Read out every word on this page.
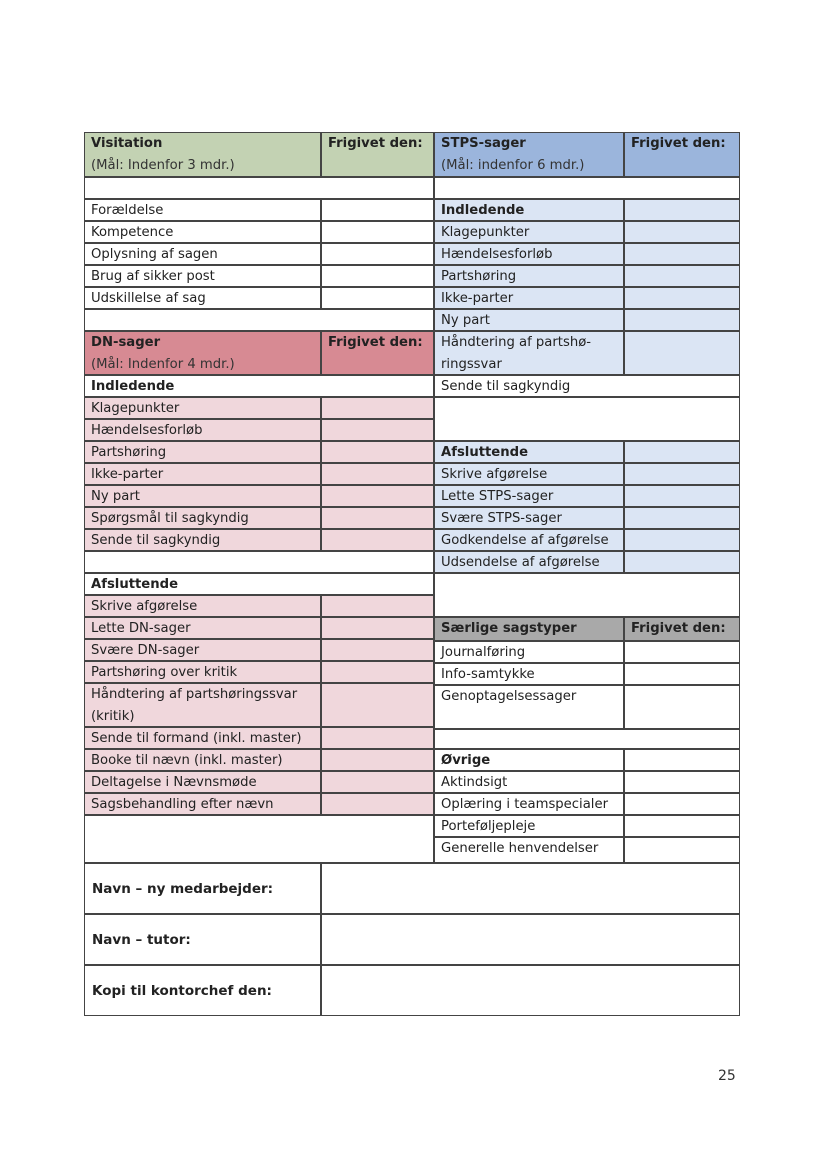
Visitation
(Mål: Indenfor 3 mdr.)
Frigivet den:
Forældelse
Kompetence
Oplysning af sagen
Brug af sikker post
Udskillelse af sag
DN-sager
(Mål: Indenfor 4 mdr.)
Frigivet den:
Indledende
Klagepunkter
Hændelsesforløb
Partshøring
Ikke-parter
Ny part
Spørgsmål til sagkyndig
Sende til sagkyndig
Afsluttende
Skrive afgørelse
Lette DN-sager
Svære DN-sager
Partshøring over kritik
Håndtering af partshøringssvar
(kritik)
Sende til formand (inkl. master)
Booke til nævn (inkl. master)
Deltagelse i Nævnsmøde
Sagsbehandling efter nævn
STPS-sager
(Mål: indenfor 6 mdr.)
Frigivet den:
Indledende
Klagepunkter
Hændelsesforløb
Partshøring
Ikke-parter
Ny part
Håndtering af partshø-
ringssvar
Sende til sagkyndig
Afsluttende
Skrive afgørelse
Lette STPS-sager
Svære STPS-sager
Godkendelse af afgørelse
Udsendelse af afgørelse
Særlige sagstyper	Frigivet den:
Journalføring
Info-samtykke
Genoptagelsessager
Øvrige
Aktindsigt
Oplæring i teamspecialer
Porteføljepleje
Generelle henvendelser
Navn – ny medarbejder:
Navn – tutor:
Kopi til kontorchef den:
25
